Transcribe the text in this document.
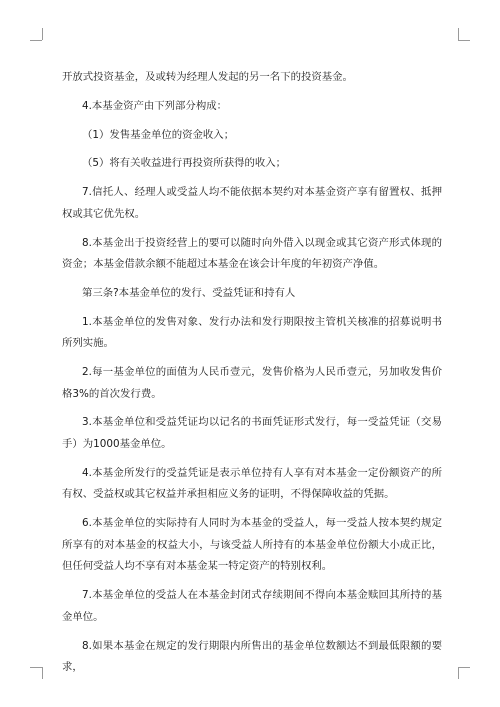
开放式投资基金，及或转为经理人发起的另一名下的投资基金。

4.本基金资产由下列部分构成：

（1）发售基金单位的资金收入；

（5）将有关收益进行再投资所获得的收入；

7.信托人、经理人或受益人均不能依据本契约对本基金资产享有留置权、抵押权或其它优先权。

8.本基金出于投资经营上的要可以随时向外借入以现金或其它资产形式体现的资金；本基金借款余额不能超过本基金在该会计年度的年初资产净值。

第三条?本基金单位的发行、受益凭证和持有人

1.本基金单位的发售对象、发行办法和发行期限按主管机关核准的招募说明书所列实施。

2.每一基金单位的面值为人民币壹元，发售价格为人民币壹元，另加收发售价格3%的首次发行费。

3.本基金单位和受益凭证均以记名的书面凭证形式发行，每一受益凭证（交易手）为1000基金单位。

4.本基金所发行的受益凭证是表示单位持有人享有对本基金一定份额资产的所有权、受益权或其它权益并承担相应义务的证明，不得保障收益的凭据。

6.本基金单位的实际持有人同时为本基金的受益人，每一受益人按本契约规定所享有的对本基金的权益大小，与该受益人所持有的本基金单位份额大小成正比，但任何受益人均不享有对本基金某一特定资产的特别权利。

7.本基金单位的受益人在本基金封闭式存续期间不得向本基金赎回其所持的基金单位。

8.如果本基金在规定的发行期限内所售出的基金单位数额达不到最低限额的要求，
